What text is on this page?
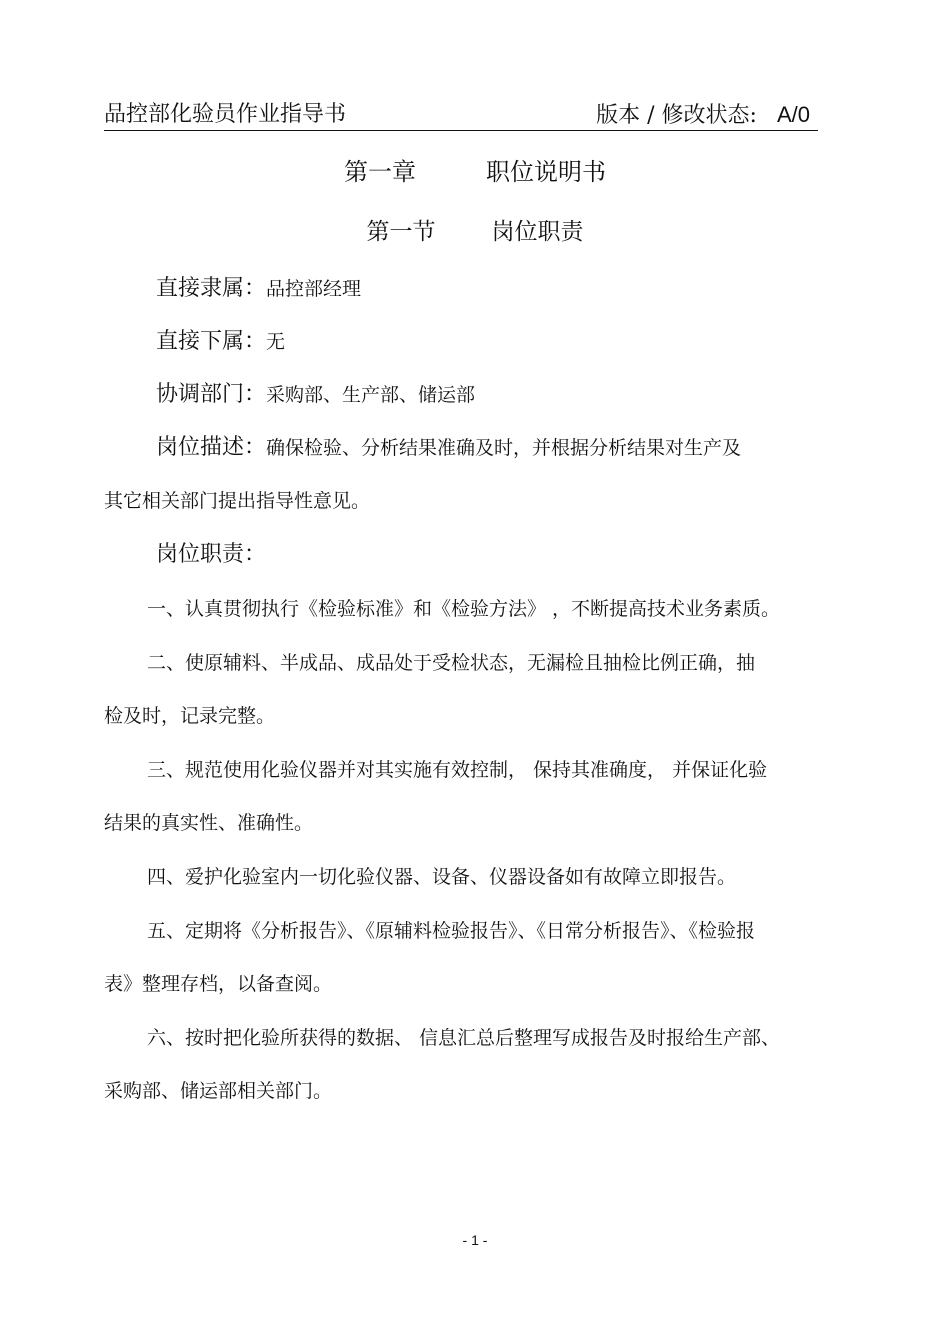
品控部化验员作业指导书	版本 / 修改状态: A/0
第一章	职位说明书
第一节 岗位职责
直接隶属：品控部经理
直接下属：无
协调部门：采购部、生产部、储运部
岗位描述：确保检验、分析结果准确及时，并根据分析结果对生产及
其它相关部门提出指导性意见。
岗位职责：
一、认真贯彻执行《检验标准》和《检验方法》 ，不断提高技术业务素质。
二、使原辅料、半成品、成品处于受检状态，无漏检且抽检比例正确，抽
检及时，记录完整。
三、规范使用化验仪器并对其实施有效控制， 保持其准确度， 并保证化验
结果的真实性、准确性。
四、爱护化验室内一切化验仪器、设备、仪器设备如有故障立即报告。
五、定期将《分析报告》、《原辅料检验报告》、《日常分析报告》、《检验报
表》整理存档，以备查阅。
六、按时把化验所获得的数据、 信息汇总后整理写成报告及时报给生产部、
采购部、储运部相关部门。
- 1 -
